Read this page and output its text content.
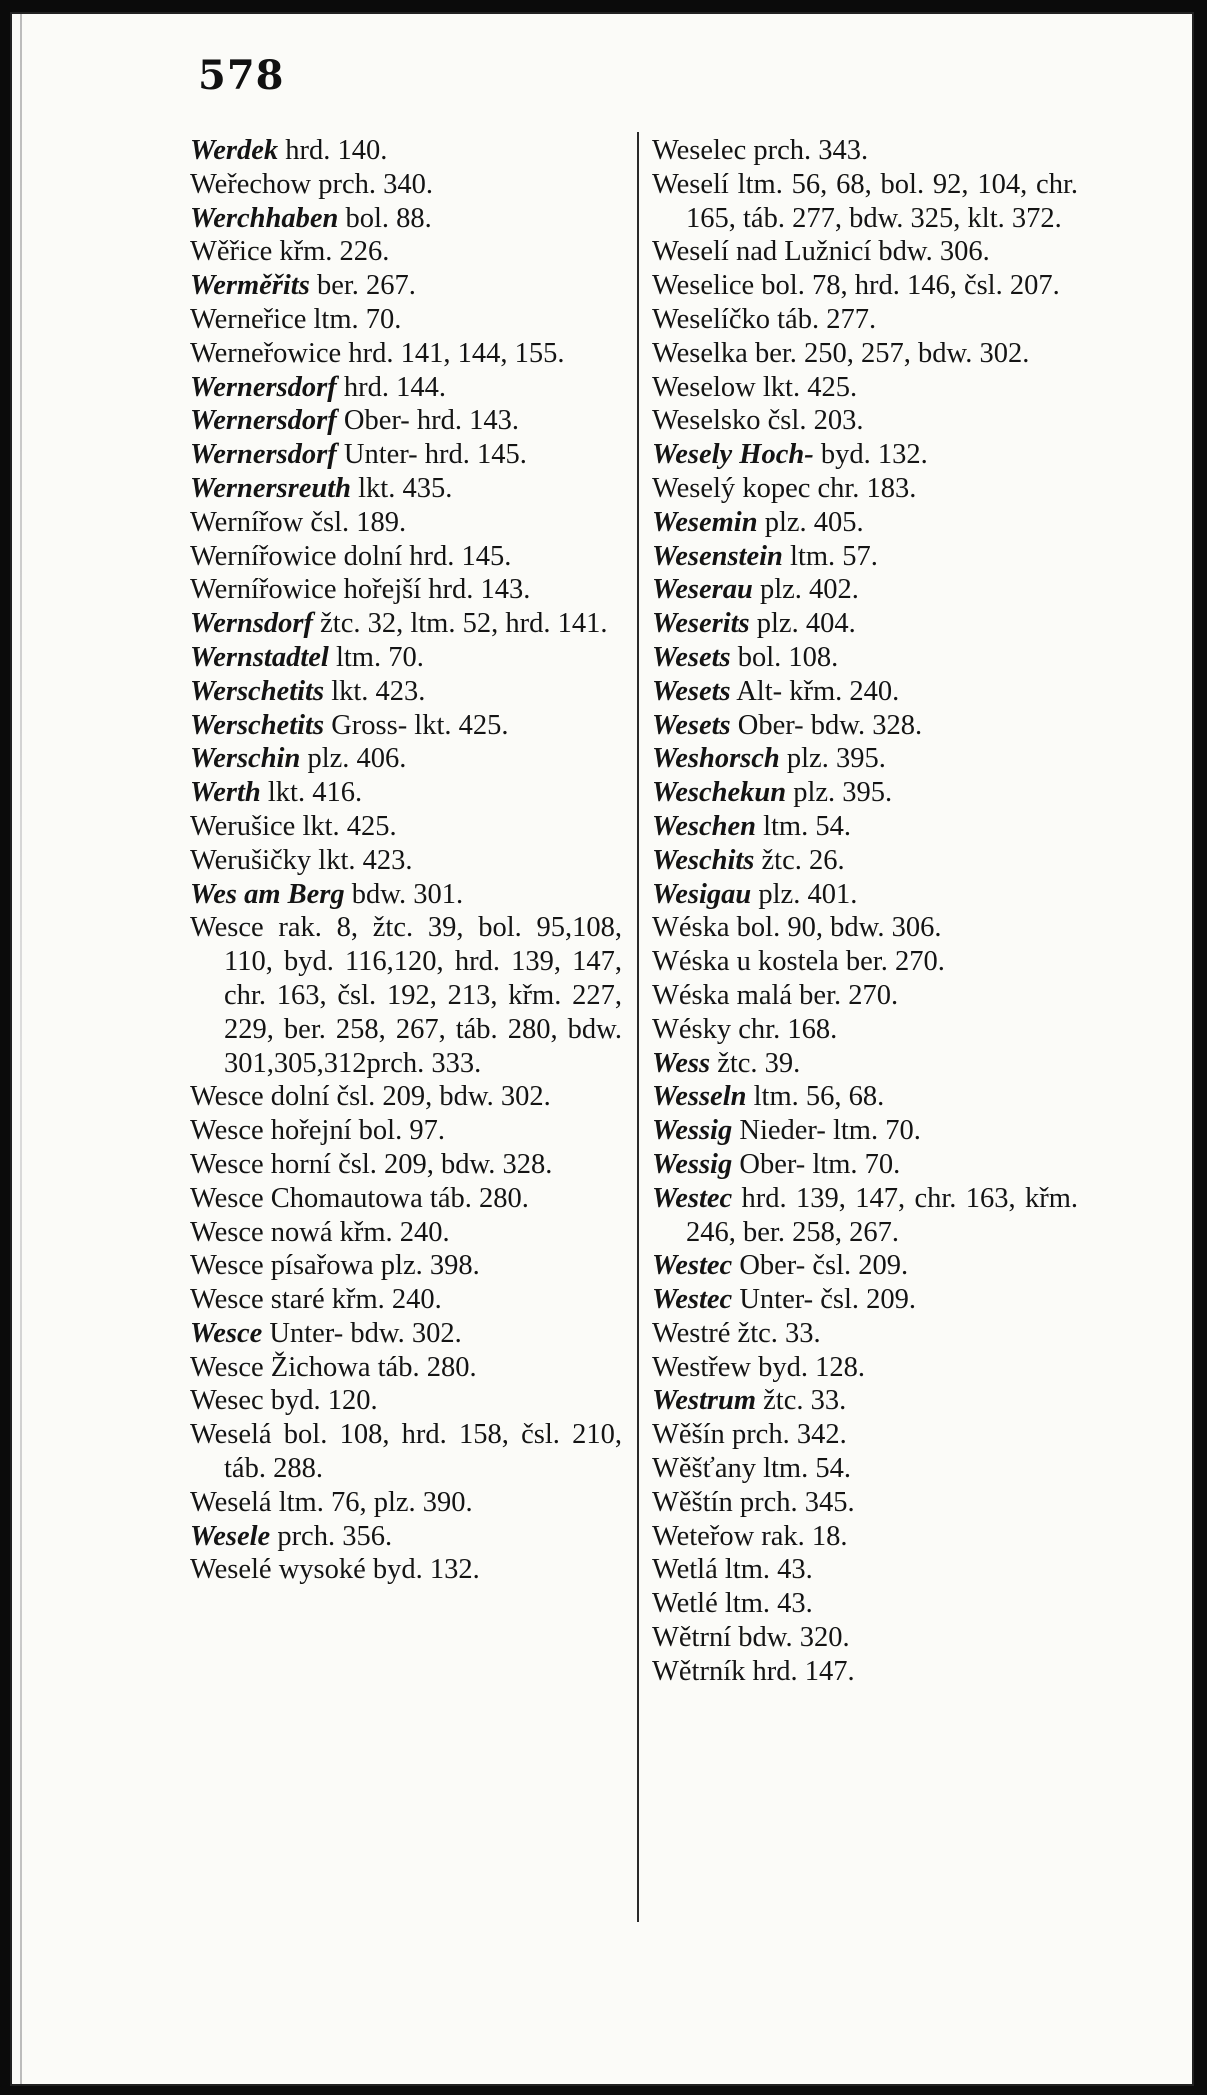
578
Werdek hrd. 140.
Weřechow prch. 340.
Werchhaben bol. 88.
Wěřice křm. 226.
Werměřits ber. 267.
Werneřice ltm. 70.
Werneřowice hrd. 141, 144, 155.
Wernersdorf hrd. 144.
Wernersdorf Ober- hrd. 143.
Wernersdorf Unter- hrd. 145.
Wernersreuth lkt. 435.
Wernířow čsl. 189.
Wernířowice dolní hrd. 145.
Wernířowice hořejší hrd. 143.
Wernsdorf žtc. 32, ltm. 52, hrd. 141.
Wernstadtel ltm. 70.
Werschetits lkt. 423.
Werschetits Gross- lkt. 425.
Werschin plz. 406.
Werth lkt. 416.
Werušice lkt. 425.
Werušičky lkt. 423.
Wes am Berg bdw. 301.
Wesce rak. 8, žtc. 39, bol. 95,108, 110, byd. 116,120, hrd. 139, 147, chr. 163, čsl. 192, 213, křm. 227, 229, ber. 258, 267, táb. 280, bdw. 301,305,312prch. 333.
Wesce dolní čsl. 209, bdw. 302.
Wesce hořejní bol. 97.
Wesce horní čsl. 209, bdw. 328.
Wesce Chomautowa táb. 280.
Wesce nowá křm. 240.
Wesce písařowa plz. 398.
Wesce staré křm. 240.
Wesce Unter- bdw. 302.
Wesce Žichowa táb. 280.
Wesec byd. 120.
Weselá bol. 108, hrd. 158, čsl. 210, táb. 288.
Weselá ltm. 76, plz. 390.
Wesele prch. 356.
Weselé wysoké byd. 132.
Weselec prch. 343.
Weselí ltm. 56, 68, bol. 92, 104, chr. 165, táb. 277, bdw. 325, klt. 372.
Weselí nad Lužnicí bdw. 306.
Weselice bol. 78, hrd. 146, čsl. 207.
Weselíčko táb. 277.
Weselka ber. 250, 257, bdw. 302.
Weselow lkt. 425.
Weselsko čsl. 203.
Wesely Hoch- byd. 132.
Weselý kopec chr. 183.
Wesemin plz. 405.
Wesenstein ltm. 57.
Weserau plz. 402.
Weserits plz. 404.
Wesets bol. 108.
Wesets Alt- křm. 240.
Wesets Ober- bdw. 328.
Weshorsch plz. 395.
Weschekun plz. 395.
Weschen ltm. 54.
Weschits žtc. 26.
Wesigau plz. 401.
Wéska bol. 90, bdw. 306.
Wéska u kostela ber. 270.
Wéska malá ber. 270.
Wésky chr. 168.
Wess žtc. 39.
Wesseln ltm. 56, 68.
Wessig Nieder- ltm. 70.
Wessig Ober- ltm. 70.
Westec hrd. 139, 147, chr. 163, křm. 246, ber. 258, 267.
Westec Ober- čsl. 209.
Westec Unter- čsl. 209.
Westré žtc. 33.
Westřew byd. 128.
Westrum žtc. 33.
Wěšín prch. 342.
Wěšťany ltm. 54.
Wěštín prch. 345.
Weteřow rak. 18.
Wetlá ltm. 43.
Wetlé ltm. 43.
Wětrní bdw. 320.
Wětrník hrd. 147.
